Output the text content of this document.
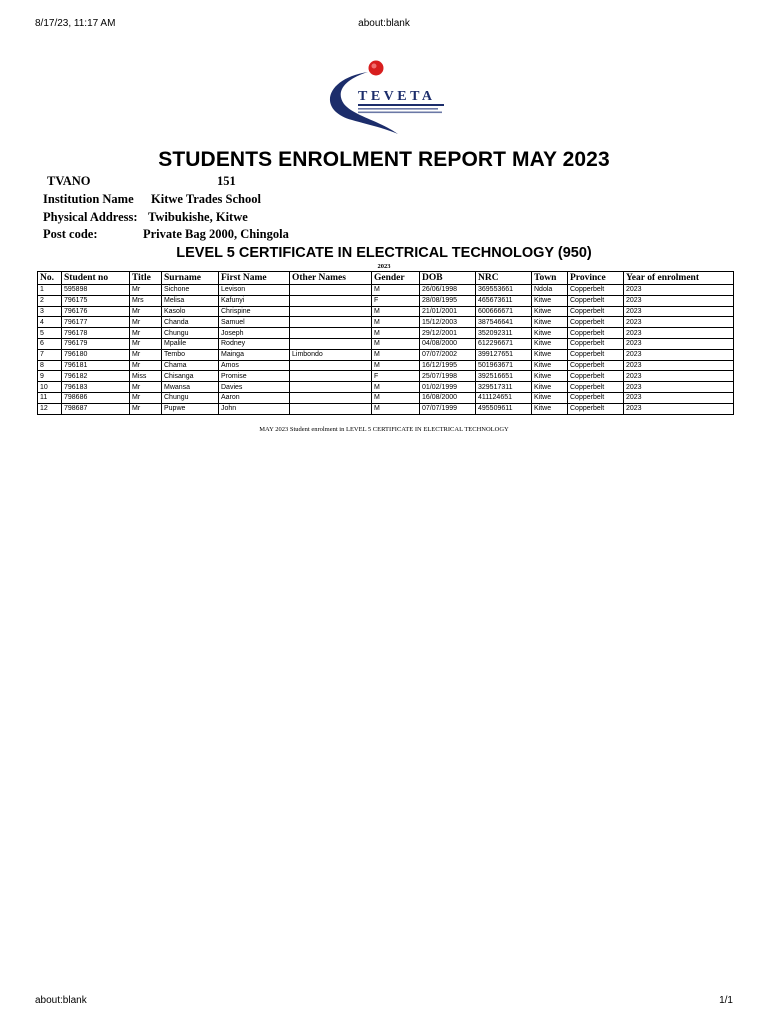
8/17/23, 11:17 AM	about:blank
TEVETA
STUDENTS ENROLMENT REPORT MAY 2023
TVANO	151
Institution Name Kitwe Trades School
Physical Address: Twibukishe, Kitwe
Post code:	Private Bag 2000, Chingola
LEVEL 5 CERTIFICATE IN ELECTRICAL TECHNOLOGY (950)
2023
No.	Student no	Title	Surname	First Name	Other Names	Gender	DOB	NRC	Town	Province	Year of enrolment
1	595898	Mr	Sichone	Levison		M	26/06/1998	369553661	Ndola	Copperbelt	2023
2	796175	Mrs	Melisa	Kafunyi		F	28/08/1995	465673611	Kitwe	Copperbelt	2023
3	796176	Mr	Kasolo	Chrispine		M	21/01/2001	600666671	Kitwe	Copperbelt	2023
4	796177	Mr	Chanda	Samuel		M	15/12/2003	387546641	Kitwe	Copperbelt	2023
5	796178	Mr	Chungu	Joseph		M	29/12/2001	352092311	Kitwe	Copperbelt	2023
6	796179	Mr	Mpalile	Rodney		M	04/08/2000	612296671	Kitwe	Copperbelt	2023
7	796180	Mr	Tembo	Mainga	Limbondo	M	07/07/2002	399127651	Kitwe	Copperbelt	2023
8	796181	Mr	Chama	Amos		M	16/12/1995	501963671	Kitwe	Copperbelt	2023
9	796182	Miss	Chisanga	Promise		F	25/07/1998	392516651	Kitwe	Copperbelt	2023
10	796183	Mr	Mwansa	Davies		M	01/02/1999	329517311	Kitwe	Copperbelt	2023
11	798686	Mr	Chungu	Aaron		M	16/08/2000	411124651	Kitwe	Copperbelt	2023
12	798687	Mr	Pupwe	John		M	07/07/1999	495509611	Kitwe	Copperbelt	2023
MAY 2023 Student enrolment in LEVEL 5 CERTIFICATE IN ELECTRICAL TECHNOLOGY
about:blank	1/1
